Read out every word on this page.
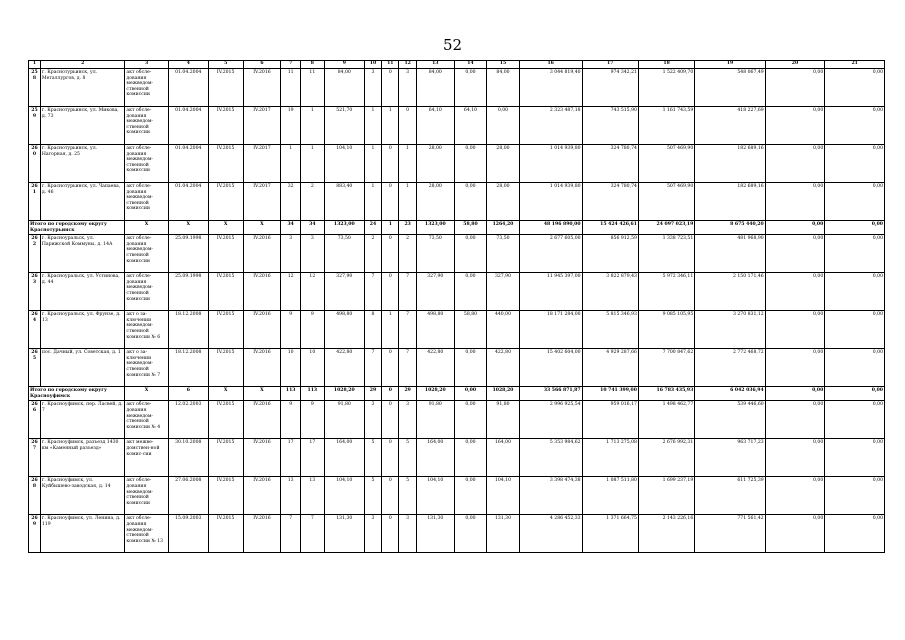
52
1	2	3	4	5	6	7	8	9	10	11	12	13	14	15	16	17	18	19	20	21
258	г. Краснотурьинск, ул. Металлургов, д. 8	акт обсле-дования межведом-ственной комиссии	01.04.2004	IV.2015	IV.2016	11	11	84,00	3	0	3	84,00	0,00	84,00	3 044 819,40	974 342,21	1 522 409,70	548 067,49	0,00	0,00
259	г. Краснотурьинск, ул. Микова, д. 73	акт обсле-дования межведом-ственной комиссии	01.04.2004	IV.2015	IV.2017	19	1	521,70	1	1	0	64,10	64,10	0,00	2 323 487,18	743 515,90	1 161 743,59	418 227,69	0,00	0,00
260	г. Краснотурьинск, ул. Нагорная, д. 25	акт обсле-дования межведом-ственной комиссии	01.04.2004	IV.2015	IV.2017	1	1	104,10	1	0	1	28,00	0,00	28,00	1 014 939,80	324 780,74	507 469,90	182 689,16	0,00	0,00
261	г. Краснотурьинск, ул. Чапаева, д. 46	акт обсле-дования межведом-ственной комиссии	01.04.2004	IV.2015	IV.2017	32	2	883,40	1	0	1	28,00	0,00	28,00	1 014 939,80	324 780,74	507 469,90	182 689,16	0,00	0,00
Итого по городскому округу Краснотурьинск		X	X	X	X	34	34	1323,00	24	1	23	1323,00	58,80	1264,20	48 196 890,00	15 424 426,61	24 097 023,19	8 675 440,20	0,00	0,00
262	г. Красноуральск, ул. Парижской Коммуны, д. 14А	акт обсле-дования межведом-ственной комиссии	25.09.1998	IV.2015	IV.2016	3	3	73,50	2	0	2	73,50	0,00	73,50	2 677 605,00	856 912,59	1 338 723,51	481 968,90	0,00	0,00
263	г. Красноуральск, ул. Устинова, д. 44	акт обсле-дования межведом-ственной комиссии	25.09.1998	IV.2015	IV.2016	12	12	327,90	7	0	7	327,90	0,00	327,90	11 945 397,00	3 822 879,43	5 972 346,11	2 150 171,46	0,00	0,00
264	г. Красноуральск, ул. Фрунзе, д. 13	акт о за-ключении межведом-ственной комиссии № 6	18.12.2008	IV.2015	IV.2016	9	9	498,80	8	1	7	498,80	58,80	440,00	18 171 284,00	5 815 346,93	9 085 105,95	3 270 831,12	0,00	0,00
265	пос. Дачный, ул. Советская, д. 1	акт о за-ключении межведом-ственной комиссии № 7	18.12.2008	IV.2015	IV.2016	10	10	422,80	7	0	7	422,80	0,00	422,80	15 402 604,00	4 929 287,66	7 700 847,62	2 772 468,72	0,00	0,00
Итого по городскому округу Красноуфимск		X	6	X	X	113	113	1028,20	29	0	29	1028,20	0,00	1028,20	33 566 871,87	10 741 399,00	16 783 435,93	6 042 036,94	0,00	0,00
266	г. Красноуфимск, пер. Ласвей, д. 7	акт обсле-дования межведом-ственной комиссии № 4	12.02.2003	IV.2015	IV.2016	9	9	91,80	3	0	3	91,80	0,00	91,80	2 996 925,54	959 016,17	1 498 462,77	539 446,60	0,00	0,00
267	г. Красноуфимск, разъезд 1430 км «Каменный разъезд»	акт межве-домствен-ной комис-сии	30.10.2008	IV.2015	IV.2016	17	17	164,00	5	0	5	164,00	0,00	164,00	5 353 984,62	1 713 275,08	2 676 992,31	963 717,23	0,00	0,00
268	г. Красноуфимск, ул. Куйбышево-заводская, д. 14	акт обсле-дования межведом-ственной комиссии	27.06.2008	IV.2015	IV.2016	13	13	104,10	5	0	5	104,10	0,00	104,10	3 398 474,38	1 087 511,80	1 699 237,19	611 725,39	0,00	0,00
269	г. Красноуфимск, ул. Ленина, д. 119	акт обсле-дования межведом-ственной комиссии № 13	15.09.2003	IV.2015	IV.2016	7	7	131,30	3	0	3	131,30	0,00	131,30	4 286 452,33	1 371 664,75	2 143 226,16	771 561,42	0,00	0,00
